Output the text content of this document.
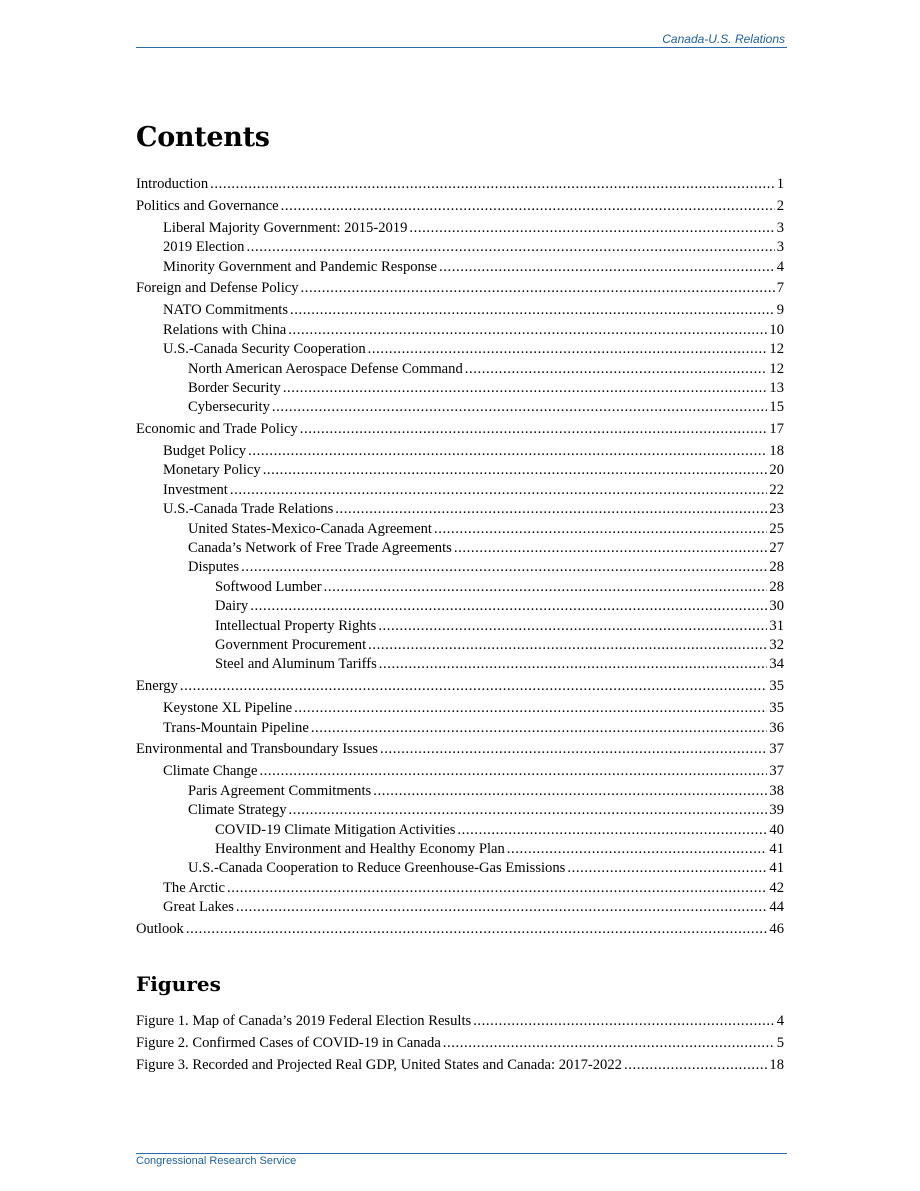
Canada-U.S. Relations
Contents
Introduction .....	1
Politics and Governance .....	2
Liberal Majority Government: 2015-2019 .....	3
2019 Election .....	3
Minority Government and Pandemic Response .....	4
Foreign and Defense Policy .....	7
NATO Commitments .....	9
Relations with China .....	10
U.S.-Canada Security Cooperation .....	12
North American Aerospace Defense Command .....	12
Border Security .....	13
Cybersecurity .....	15
Economic and Trade Policy .....	17
Budget Policy .....	18
Monetary Policy .....	20
Investment .....	22
U.S.-Canada Trade Relations .....	23
United States-Mexico-Canada Agreement .....	25
Canada’s Network of Free Trade Agreements .....	27
Disputes .....	28
Softwood Lumber .....	28
Dairy .....	30
Intellectual Property Rights .....	31
Government Procurement .....	32
Steel and Aluminum Tariffs .....	34
Energy .....	35
Keystone XL Pipeline .....	35
Trans-Mountain Pipeline .....	36
Environmental and Transboundary Issues .....	37
Climate Change .....	37
Paris Agreement Commitments .....	38
Climate Strategy .....	39
COVID-19 Climate Mitigation Activities .....	40
Healthy Environment and Healthy Economy Plan .....	41
U.S.-Canada Cooperation to Reduce Greenhouse-Gas Emissions .....	41
The Arctic .....	42
Great Lakes .....	44
Outlook .....	46
Figures
Figure 1. Map of Canada’s 2019 Federal Election Results .....	4
Figure 2. Confirmed Cases of COVID-19 in Canada .....	5
Figure 3. Recorded and Projected Real GDP, United States and Canada: 2017-2022 .....	18
Congressional Research Service
